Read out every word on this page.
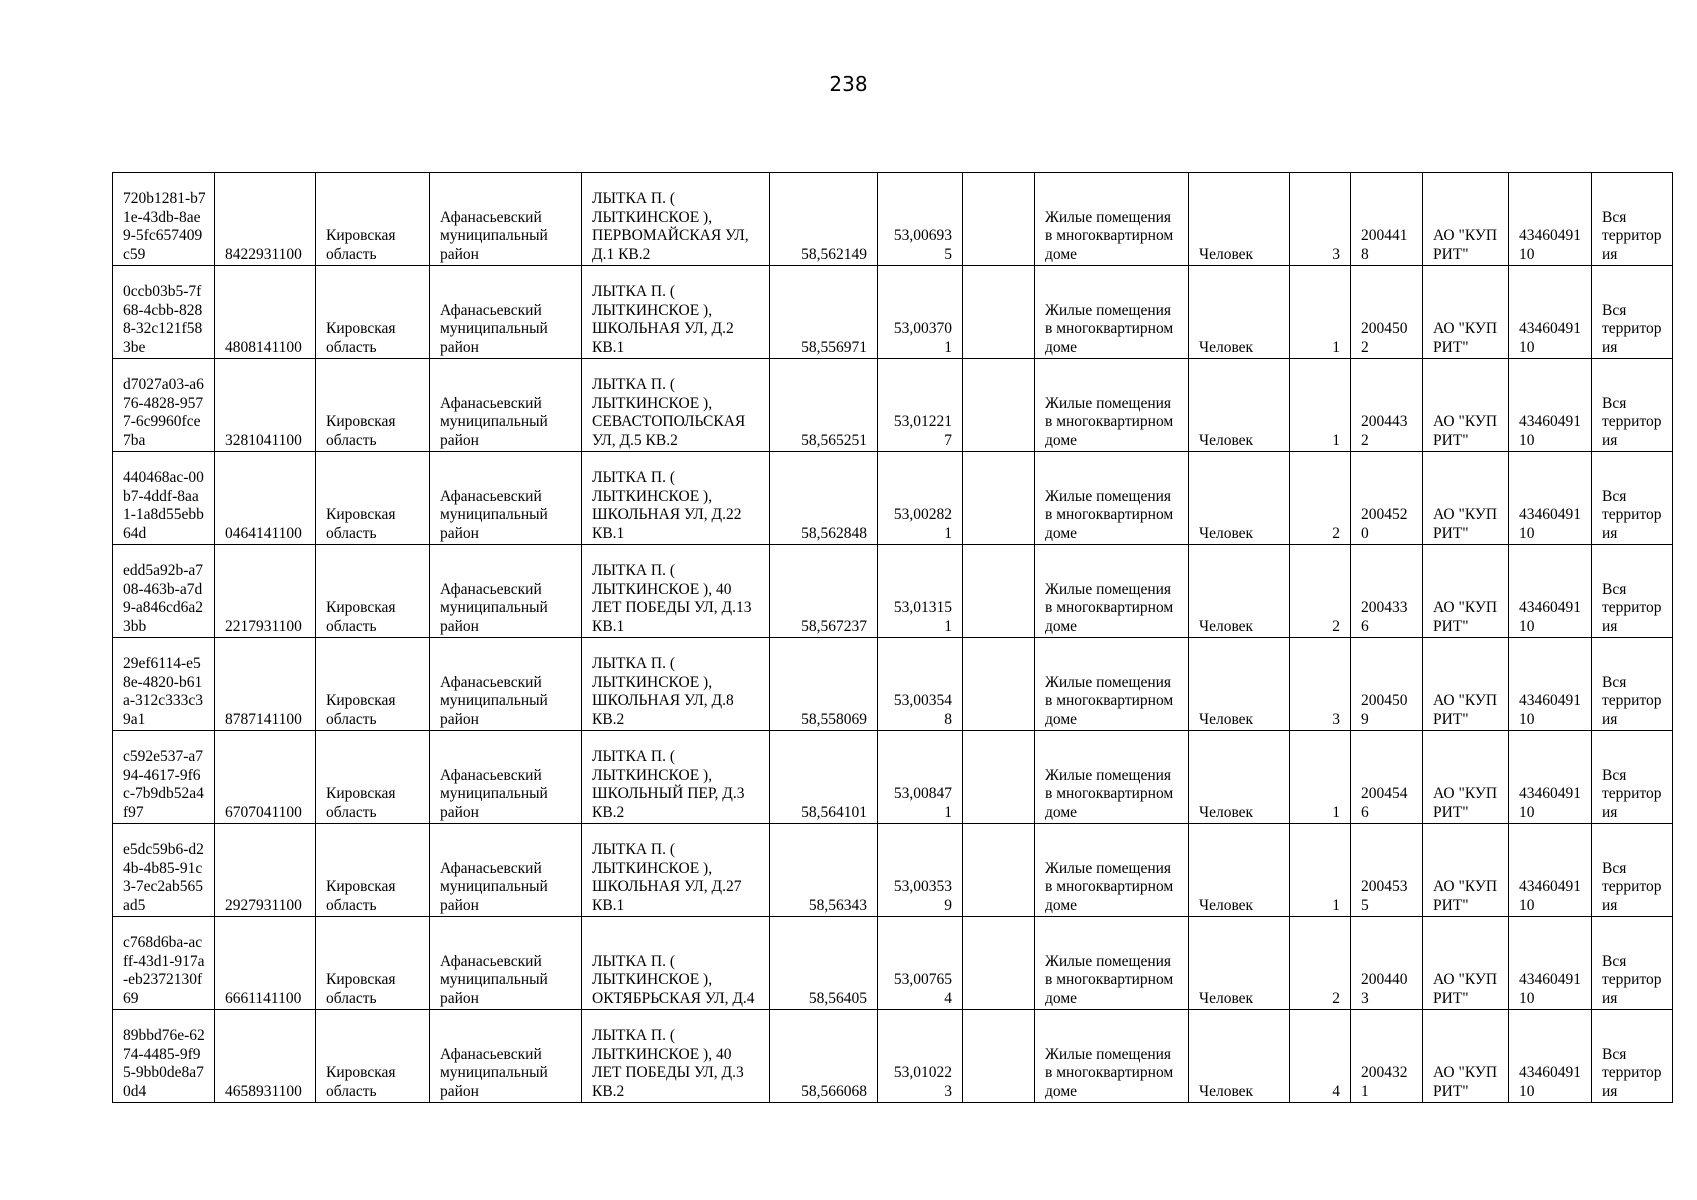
238
720b1281-b71e-43db-8ae9-5fc657409c59	8422931100	Кировская область	Афанасьевский муниципальный район	ЛЫТКА П. ( ЛЫТКИНСКОЕ ), ПЕРВОМАЙСКАЯ УЛ, Д.1 КВ.2	58,562149	53,006935		Жилые помещения в многоквартирном доме	Человек	3	2004418	АО "КУПРИТ"	4346049110	Вся территория
0ccb03b5-7f68-4cbb-8288-32c121f583be	4808141100	Кировская область	Афанасьевский муниципальный район	ЛЫТКА П. ( ЛЫТКИНСКОЕ ), ШКОЛЬНАЯ УЛ, Д.2 КВ.1	58,556971	53,003701		Жилые помещения в многоквартирном доме	Человек	1	2004502	АО "КУПРИТ"	4346049110	Вся территория
d7027a03-a676-4828-9577-6c9960fce7ba	3281041100	Кировская область	Афанасьевский муниципальный район	ЛЫТКА П. ( ЛЫТКИНСКОЕ ), СЕВАСТОПОЛЬСКАЯ УЛ, Д.5 КВ.2	58,565251	53,012217		Жилые помещения в многоквартирном доме	Человек	1	2004432	АО "КУПРИТ"	4346049110	Вся территория
440468ac-00b7-4ddf-8aa1-1a8d55ebb64d	0464141100	Кировская область	Афанасьевский муниципальный район	ЛЫТКА П. ( ЛЫТКИНСКОЕ ), ШКОЛЬНАЯ УЛ, Д.22 КВ.1	58,562848	53,002821		Жилые помещения в многоквартирном доме	Человек	2	2004520	АО "КУПРИТ"	4346049110	Вся территория
edd5a92b-a708-463b-a7d9-a846cd6a23bb	2217931100	Кировская область	Афанасьевский муниципальный район	ЛЫТКА П. ( ЛЫТКИНСКОЕ ), 40 ЛЕТ ПОБЕДЫ УЛ, Д.13 КВ.1	58,567237	53,013151		Жилые помещения в многоквартирном доме	Человек	2	2004336	АО "КУПРИТ"	4346049110	Вся территория
29ef6114-e58e-4820-b61a-312c333c39a1	8787141100	Кировская область	Афанасьевский муниципальный район	ЛЫТКА П. ( ЛЫТКИНСКОЕ ), ШКОЛЬНАЯ УЛ, Д.8 КВ.2	58,558069	53,003548		Жилые помещения в многоквартирном доме	Человек	3	2004509	АО "КУПРИТ"	4346049110	Вся территория
c592e537-a794-4617-9f6c-7b9db52a4f97	6707041100	Кировская область	Афанасьевский муниципальный район	ЛЫТКА П. ( ЛЫТКИНСКОЕ ), ШКОЛЬНЫЙ ПЕР, Д.3 КВ.2	58,564101	53,008471		Жилые помещения в многоквартирном доме	Человек	1	2004546	АО "КУПРИТ"	4346049110	Вся территория
e5dc59b6-d24b-4b85-91c3-7ec2ab565ad5	2927931100	Кировская область	Афанасьевский муниципальный район	ЛЫТКА П. ( ЛЫТКИНСКОЕ ), ШКОЛЬНАЯ УЛ, Д.27 КВ.1	58,56343	53,003539		Жилые помещения в многоквартирном доме	Человек	1	2004535	АО "КУПРИТ"	4346049110	Вся территория
c768d6ba-acff-43d1-917a-eb2372130f69	6661141100	Кировская область	Афанасьевский муниципальный район	ЛЫТКА П. ( ЛЫТКИНСКОЕ ), ОКТЯБРЬСКАЯ УЛ, Д.4	58,56405	53,007654		Жилые помещения в многоквартирном доме	Человек	2	2004403	АО "КУПРИТ"	4346049110	Вся территория
89bbd76e-6274-4485-9f95-9bb0de8a70d4	4658931100	Кировская область	Афанасьевский муниципальный район	ЛЫТКА П. ( ЛЫТКИНСКОЕ ), 40 ЛЕТ ПОБЕДЫ УЛ, Д.3 КВ.2	58,566068	53,010223		Жилые помещения в многоквартирном доме	Человек	4	2004321	АО "КУПРИТ"	4346049110	Вся территория
